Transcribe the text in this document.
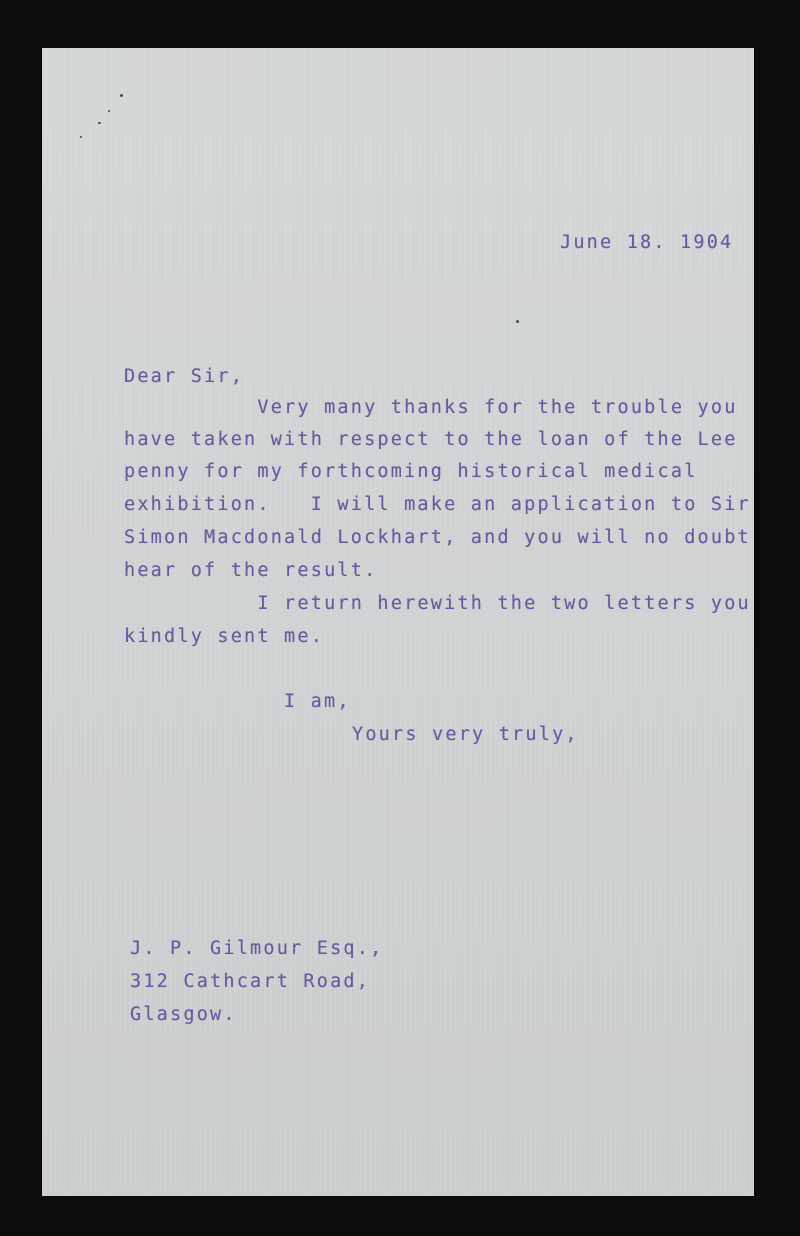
June 18. 1904
Dear Sir,
Very many thanks for the trouble you
have taken with respect to the loan of the Lee
penny for my forthcoming historical medical
exhibition.   I will make an application to Sir
Simon Macdonald Lockhart, and you will no doubt
hear of the result.
I return herewith the two letters you
kindly sent me.
I am,
Yours very truly,
J. P. Gilmour Esq.,
312 Cathcart Road,
Glasgow.
